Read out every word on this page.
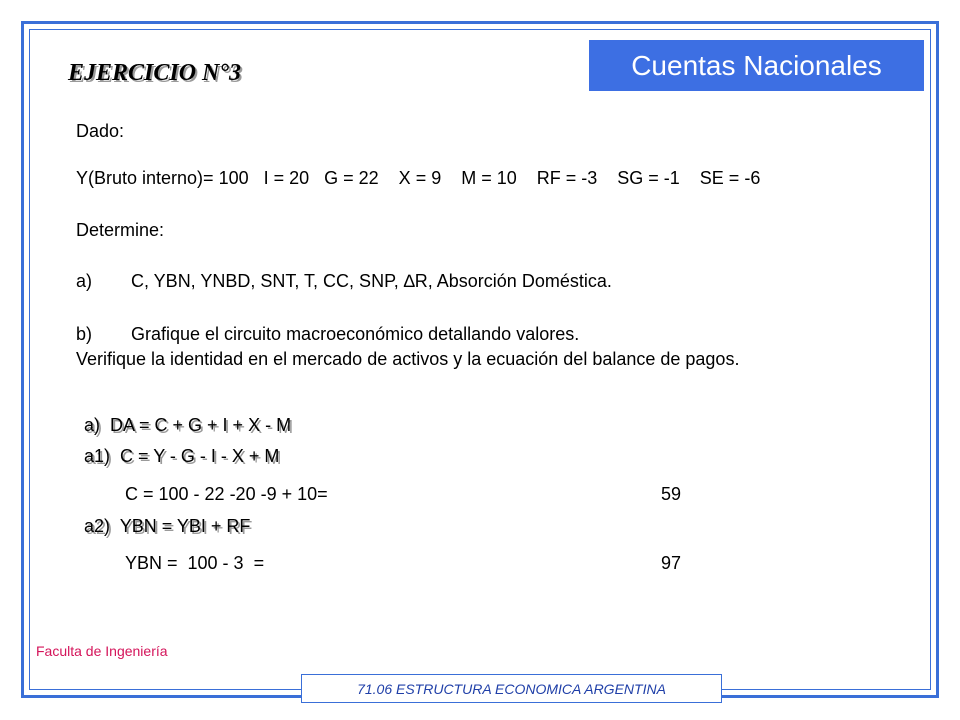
Cuentas Nacionales
EJERCICIO N°3
Dado:
Y(Bruto interno)= 100   I = 20   G = 22    X = 9    M = 10    RF = -3    SG = -1    SE = -6
Determine:
a) C, YBN, YNBD, SNT, T, CC, SNP, ∆R, Absorción Doméstica.
b) Grafique el circuito macroeconómico detallando valores.
Verifique la identidad en el mercado de activos y la ecuación del balance de pagos.
a)  DA = C + G + I + X - M
a1)  C = Y - G - I - X + M
C = 100 - 22 -20 -9 + 10=	59
a2)  YBN = YBI + RF
YBN =  100 - 3  =	97
Faculta de Ingeniería
71.06 ESTRUCTURA ECONOMICA ARGENTINA
